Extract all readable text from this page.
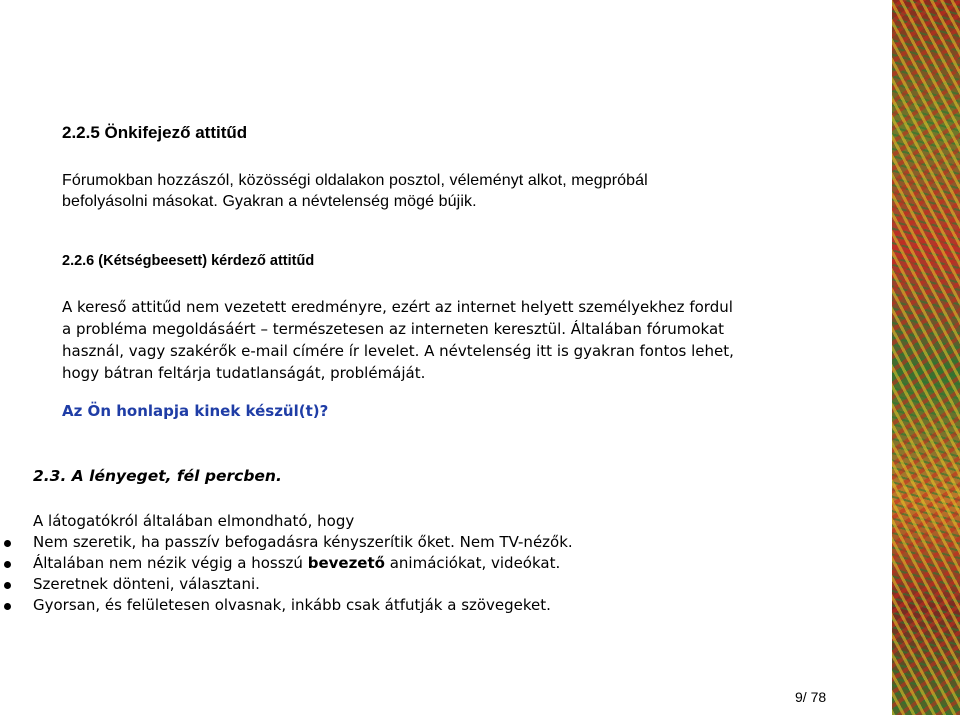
2.2.5 Önkifejező attitűd
Fórumokban hozzászól, közösségi oldalakon posztol, véleményt alkot, megpróbál
befolyásolni másokat. Gyakran a névtelenség mögé bújik.
2.2.6 (Kétségbeesett) kérdező attitűd
A kereső attitűd nem vezetett eredményre, ezért az internet helyett személyekhez fordul
a probléma megoldásáért – természetesen az interneten keresztül. Általában fórumokat
használ, vagy szakérők e-mail címére ír levelet. A névtelenség itt is gyakran fontos lehet,
hogy bátran feltárja tudatlanságát, problémáját.
Az Ön honlapja kinek készül(t)?
2.3. A lényeget, fél percben.
A látogatókról általában elmondható, hogy
Nem szeretik, ha passzív befogadásra kényszerítik őket. Nem TV-nézők.
Általában nem nézik végig a hosszú bevezető animációkat, videókat.
Szeretnek dönteni, választani.
Gyorsan, és felületesen olvasnak, inkább csak átfutják a szövegeket.
9/ 78
